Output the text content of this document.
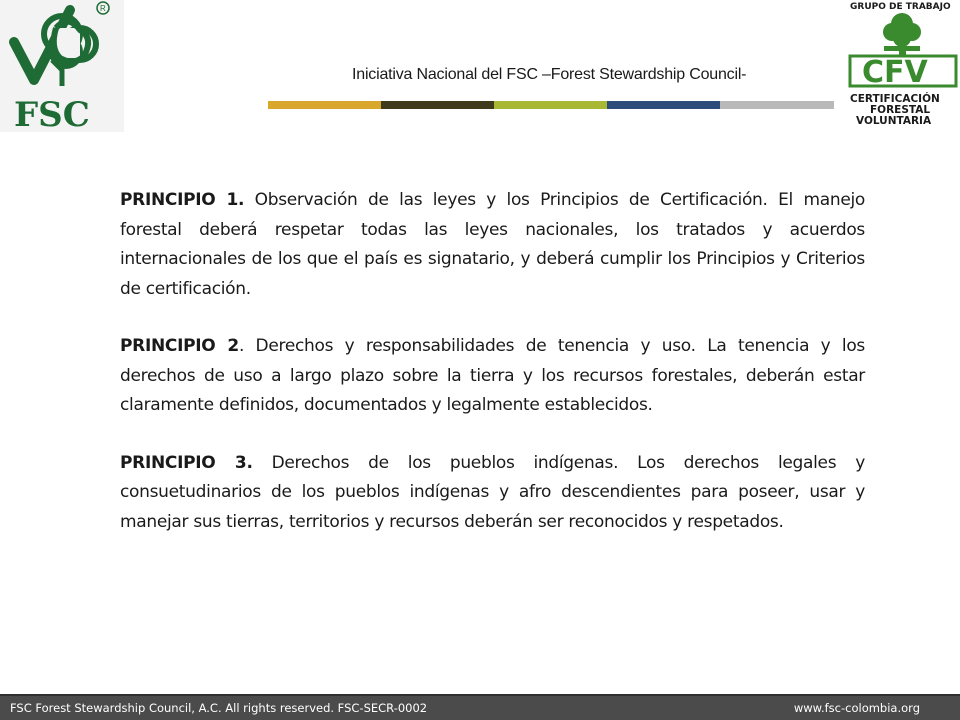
R
FSC
Iniciativa Nacional del FSC –Forest Stewardship Council-
GRUPO DE TRABAJO
CFV
CERTIFICACIÓN
FORESTAL
VOLUNTARIA

PRINCIPIO 1. Observación de las leyes y los Principios de Certificación. El manejo forestal deberá respetar todas las leyes nacionales, los tratados y acuerdos internacionales de los que el país es signatario, y deberá cumplir los Principios y Criterios de certificación.

PRINCIPIO 2. Derechos y responsabilidades de tenencia y uso. La tenencia y los derechos de uso a largo plazo sobre la tierra y los recursos forestales, deberán estar claramente definidos, documentados y legalmente establecidos.

PRINCIPIO 3. Derechos de los pueblos indígenas. Los derechos legales y consuetudinarios de los pueblos indígenas y afro descendientes para poseer, usar y manejar sus tierras, territorios y recursos deberán ser reconocidos y respetados.

FSC Forest Stewardship Council, A.C. All rights reserved. FSC-SECR-0002	www.fsc-colombia.org
